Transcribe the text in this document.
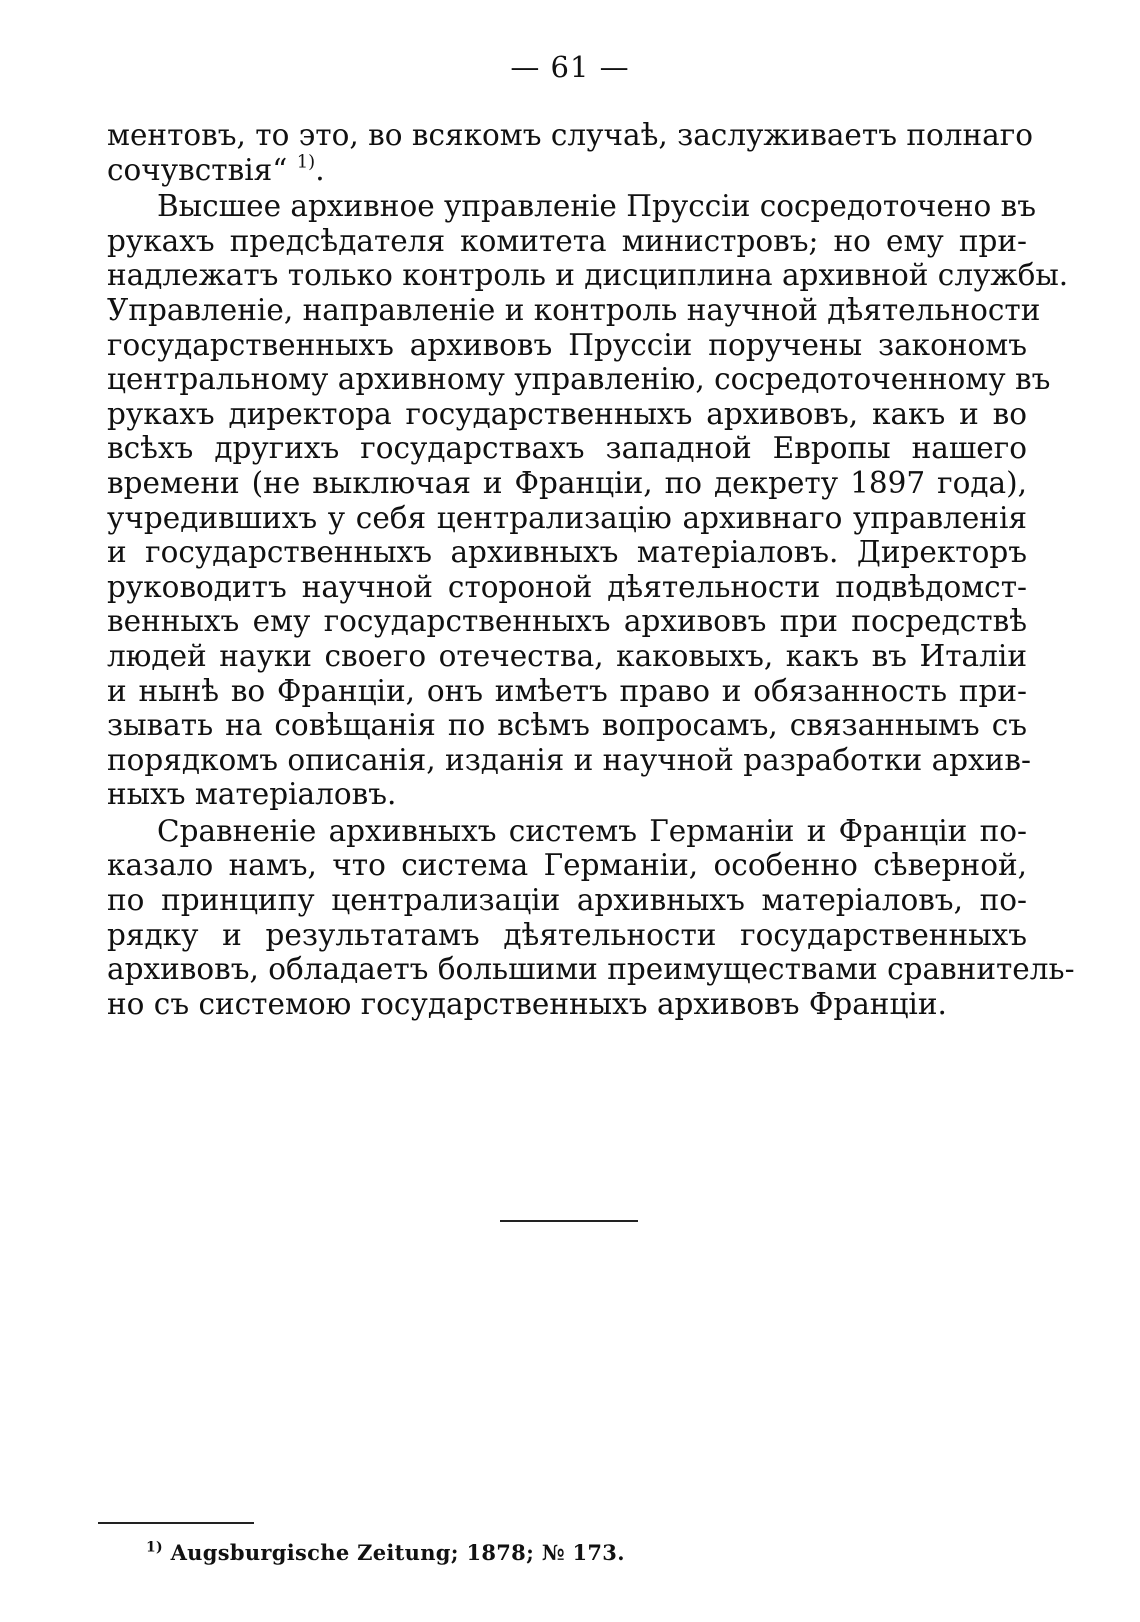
— 61 —
ментовъ, то это, во всякомъ случаѣ, заслуживаетъ полнаго
сочувствія“ $^{1)}$.
Высшее архивное управленіе Пруссіи сосредоточено въ
рукахъ предсѣдателя комитета министровъ; но ему при-
надлежатъ только контроль и дисциплина архивной службы.
Управленіе, направленіе и контроль научной дѣятельности
государственныхъ архивовъ Пруссіи поручены закономъ
центральному архивному управленію, сосредоточенному въ
рукахъ директора государственныхъ архивовъ, какъ и во
всѣхъ другихъ государствахъ западной Европы нашего
времени (не выключая и Франціи, по декрету 1897 года),
учредившихъ у себя централизацію архивнаго управленія
и государственныхъ архивныхъ матеріаловъ. Директоръ
руководитъ научной стороной дѣятельности подвѣдомст-
венныхъ ему государственныхъ архивовъ при посредствѣ
людей науки своего отечества, каковыхъ, какъ въ Италіи
и нынѣ во Франціи, онъ имѣетъ право и обязанность при-
зывать на совѣщанія по всѣмъ вопросамъ, связаннымъ съ
порядкомъ описанія, изданія и научной разработки архив-
ныхъ матеріаловъ.
Сравненіе архивныхъ системъ Германіи и Франціи по-
казало намъ, что система Германіи, особенно сѣверной,
по принципу централизаціи архивныхъ матеріаловъ, по-
рядку и результатамъ дѣятельности государственныхъ
архивовъ, обладаетъ большими преимуществами сравнитель-
но съ системою государственныхъ архивовъ Франціи.
$^{1)}$ Augsburgische Zeitung; 1878; № 173.
